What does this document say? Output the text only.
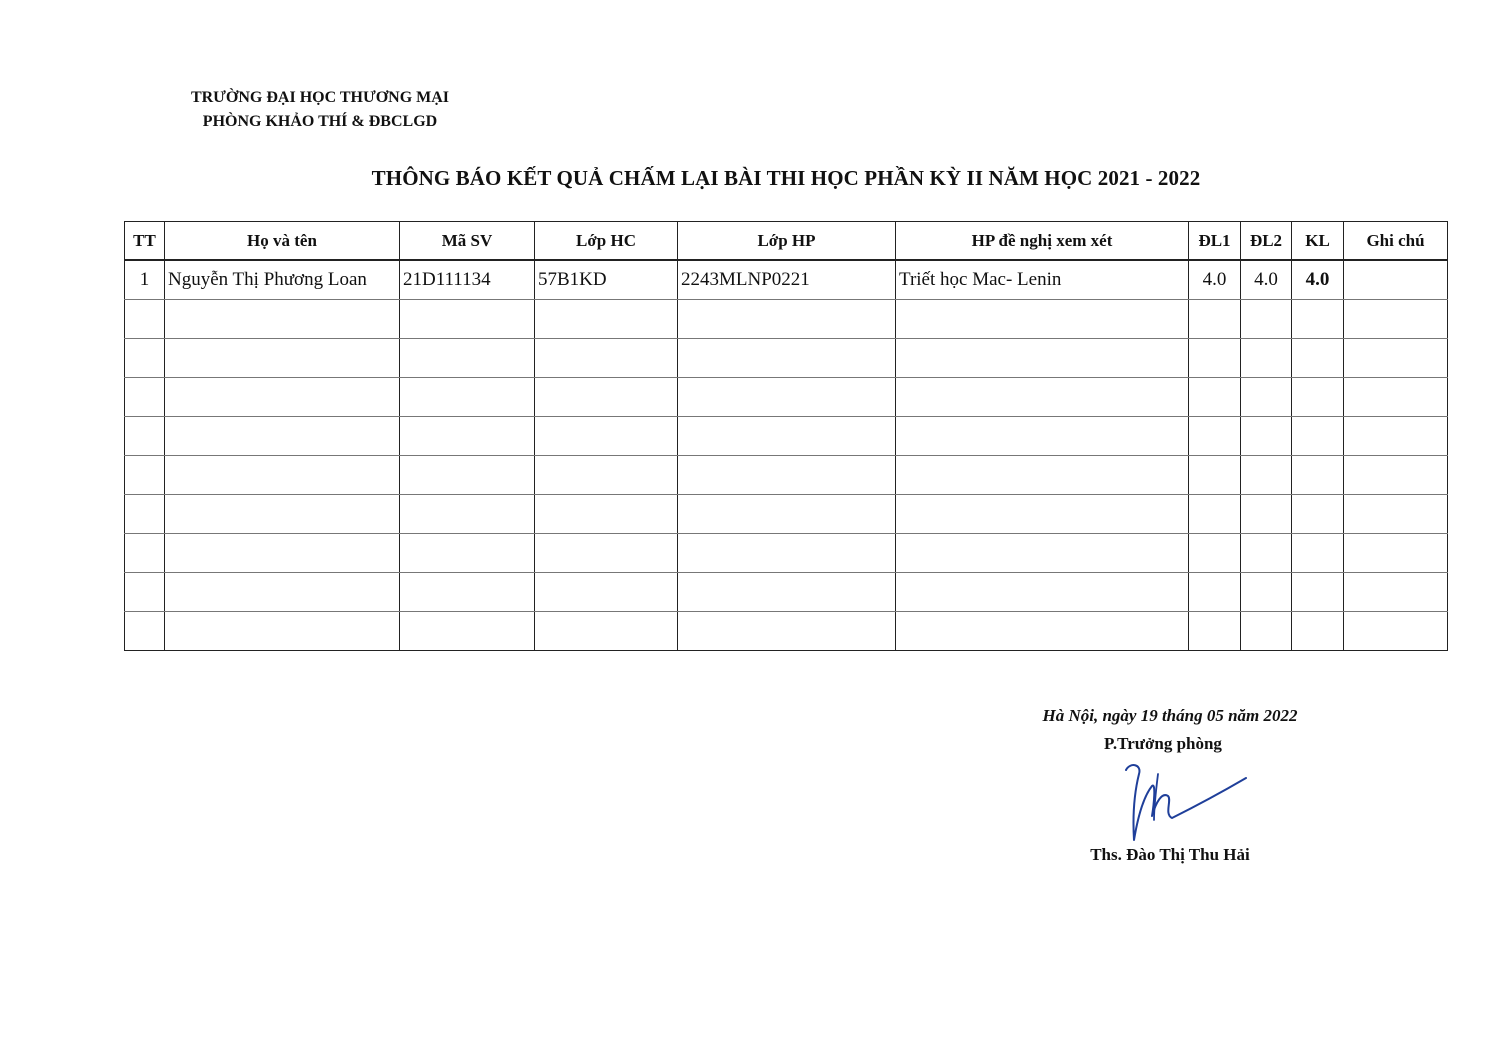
TRƯỜNG ĐẠI HỌC THƯƠNG MẠI
PHÒNG KHẢO THÍ & ĐBCLGD
THÔNG BÁO KẾT QUẢ CHẤM LẠI BÀI THI HỌC PHẦN KỲ II NĂM HỌC 2021 - 2022
TT	Họ và tên	Mã SV	Lớp HC	Lớp HP	HP đề nghị xem xét	ĐL1	ĐL2	KL	Ghi chú
1	Nguyễn Thị Phương Loan	21D111134	57B1KD	2243MLNP0221	Triết học Mac- Lenin	4.0	4.0	4.0	

Hà Nội, ngày 19 tháng 05 năm 2022
P.Trưởng phòng
Ths. Đào Thị Thu Hải
